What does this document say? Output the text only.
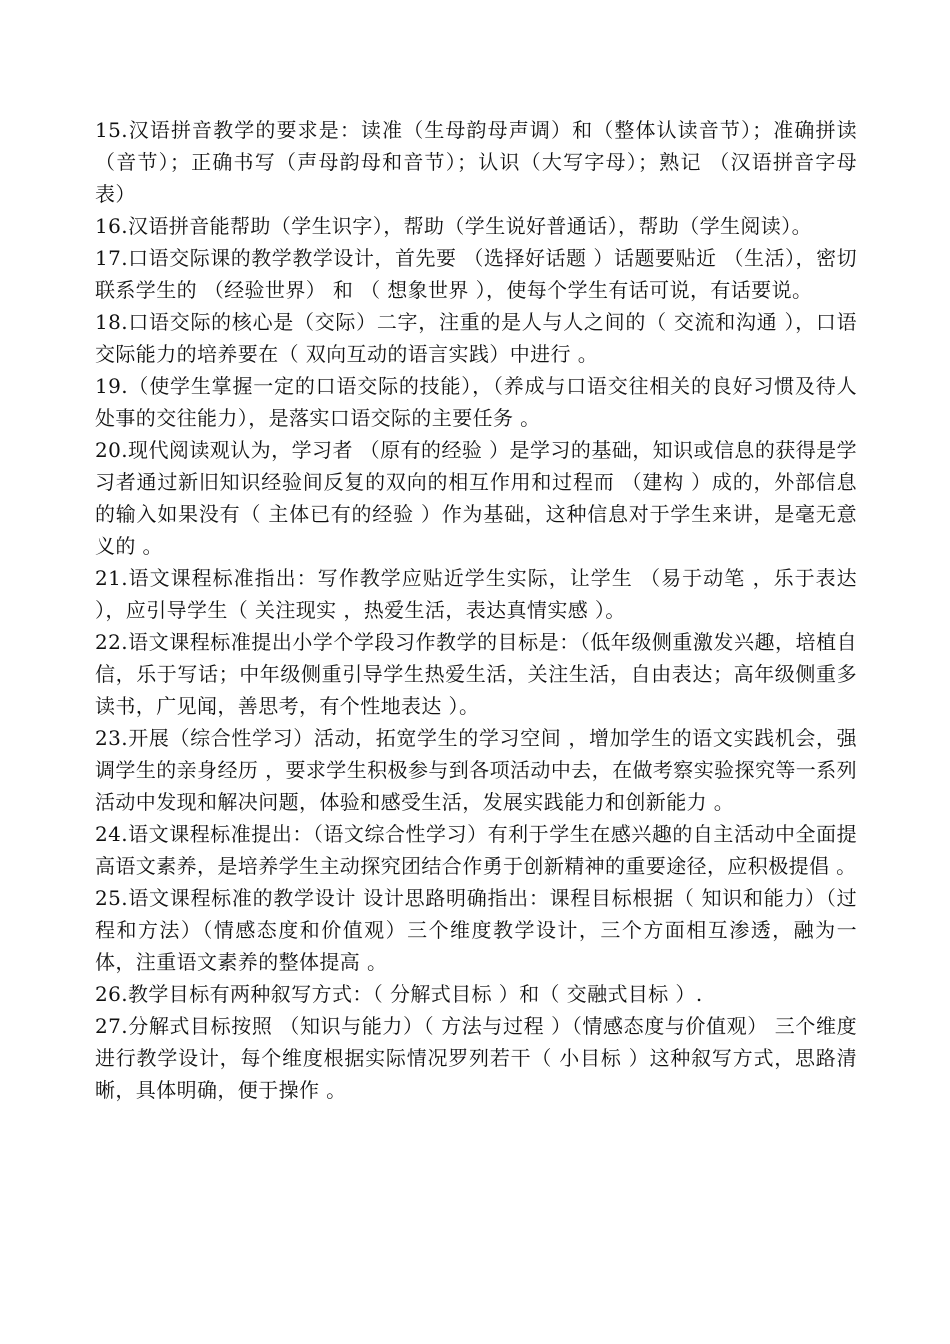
15.汉语拼音教学的要求是：读准（生母韵母声调）和（整体认读音节）；准确拼读（音节）；正确书写（声母韵母和音节）；认识（大写字母）；熟记 （汉语拼音字母表）

16.汉语拼音能帮助（学生识字），帮助（学生说好普通话），帮助（学生阅读）。

17.口语交际课的教学教学设计，首先要 （选择好话题 ）话题要贴近 （生活），密切联系学生的 （经验世界） 和 （ 想象世界 ），使每个学生有话可说，有话要说。

18.口语交际的核心是（交际）二字，注重的是人与人之间的（ 交流和沟通 ），口语交际能力的培养要在（ 双向互动的语言实践）中进行 。

19.（使学生掌握一定的口语交际的技能），（养成与口语交往相关的良好习惯及待人处事的交往能力），是落实口语交际的主要任务 。

20.现代阅读观认为，学习者 （原有的经验 ）是学习的基础，知识或信息的获得是学习者通过新旧知识经验间反复的双向的相互作用和过程而 （建构 ）成的，外部信息的输入如果没有（ 主体已有的经验 ）作为基础，这种信息对于学生来讲，是毫无意义的 。

21.语文课程标准指出：写作教学应贴近学生实际，让学生 （易于动笔 ，乐于表达 ），应引导学生（ 关注现实 ，热爱生活，表达真情实感 ）。

22.语文课程标准提出小学个学段习作教学的目标是：（低年级侧重激发兴趣，培植自信，乐于写话；中年级侧重引导学生热爱生活，关注生活，自由表达；高年级侧重多读书，广见闻，善思考，有个性地表达 ）。

23.开展（综合性学习）活动，拓宽学生的学习空间 ，增加学生的语文实践机会，强调学生的亲身经历 ，要求学生积极参与到各项活动中去，在做考察实验探究等一系列活动中发现和解决问题，体验和感受生活，发展实践能力和创新能力 。

24.语文课程标准提出：（语文综合性学习）有利于学生在感兴趣的自主活动中全面提高语文素养，是培养学生主动探究团结合作勇于创新精神的重要途径，应积极提倡 。

25.语文课程标准的教学设计 设计思路明确指出：课程目标根据（ 知识和能力）（过程和方法）（情感态度和价值观）三个维度教学设计，三个方面相互渗透，融为一体，注重语文素养的整体提高 。

26.教学目标有两种叙写方式：（ 分解式目标 ）和（ 交融式目标 ）.

27.分解式目标按照 （知识与能力）（ 方法与过程 ）（情感态度与价值观） 三个维度进行教学设计，每个维度根据实际情况罗列若干（ 小目标 ）这种叙写方式，思路清晰，具体明确，便于操作 。
